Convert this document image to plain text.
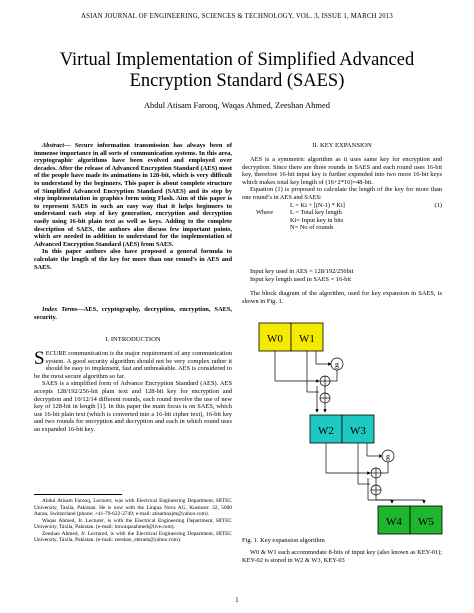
ASIAN JOURNAL OF ENGINEERING, SCIENCES & TECHNOLOGY, VOL. 3, ISSUE 1, MARCH 2013
Virtual Implementation of Simplified Advanced
Encryption Standard (SAES)
Abdul Atisam Farooq, Waqas Ahmed, Zeeshan Ahmed

Abstract— Secure information transmission has always been of immense importance in all sorts of communication systems. In this area, cryptographic algorithms have been evolved and employed over decades. After the release of Advanced Encryption Standard (AES) most of the people have made its animations in 128-bit, which is very difficult to understand by the beginners. This paper is about complete structure of Simplified Advanced Encryption Standard (SAES) and its step by step implementation in graphics form using Flash. Aim of this paper is to represent SAES in such an easy way that it helps beginners to understand each step of key generation, encryption and decryption easily using 16-bit plain text as well as keys. Adding to the complete description of SAES, the authors also discuss few important points, which are needed in addition to understand for the implementation of Advanced Encryption Standard (AES) from SAES.

In this paper authors also have proposed a general formula to calculate the length of the key for more than one round’s in AES and SAES.

Index Terms—AES, cryptography, decryption, encryption, SAES, security.

I. INTRODUCTION

SECURE communication is the major requirement of any communication system. A good security algorithm should not be very complex rather it should be easy to implement, fast and unbreakable. AES is considered to be the most secure algorithm so far.

SAES is a simplified form of Advance Encryption Standard (AES). AES accepts 128/192/256-bit plain text and 128-bit key for encryption and decryption and 10/12/14 different rounds, each round involve the use of new key of 128-bit in length [1]. In this paper the main focus is on SAES, which use 16-bit plain text (which is converted into a 16-bit cipher text), 16-bit key and two rounds for encryption and decryption and each in which round uses an expanded 16-bit key.

Abdul Atisam Farooq, Lecturer, was with Electrical Engineering Department, HITEC University, Taxila, Pakistan. He is now with the Lingua Nova AG, Kusnostr. 32, 5000 Aarau, Switzerland (phone: +41-79-622-2749; e-mail: atisamnajm@yahoo.com).

Waqas Ahmed, Jr. Lecturer, is with the Electrical Engineering Department, HITEC University, Taxila, Pakistan. (e-mail: imwaqasahmed@live.com).

Zeeshan Ahmed, Jr. Lectured, is with the Electrical Engineering Department, HITEC University, Taxila, Pakistan. (e-mail: zeeshan_ehtram@yahoo.com).

II. KEY EXPANSION

AES is a symmetric algorithm as it uses same key for encryption and decryption. Since there are three rounds in SAES and each round uses 16-bit key, therefore 16-bit input key is further expended into two more 16-bit keys which makes total key length of (16+2*16)=48-bit.

Equation (1) is proposed to calculate the length of the key for more than one round’s in AES and SAES:

L = Ki + [(N-1) * Ki]	(1)
Where	L = Total key length
Ki= Input key in bits
N= No of rounds

Input key used in AES = 128/192/256bit

Input key length used in SAES = 16-bit

The block diagram of the algorithm, used for key expansion in SAES, is shown in Fig. 1.

W0 W1
g
W2 W3
g
W4 W5
Fig. 1. Key expansion algorithm

W0 & W1 each accommodate 8-bits of input key (also known as KEY-01); KEY-02 is stored in W2 & W3, KEY-03

1
